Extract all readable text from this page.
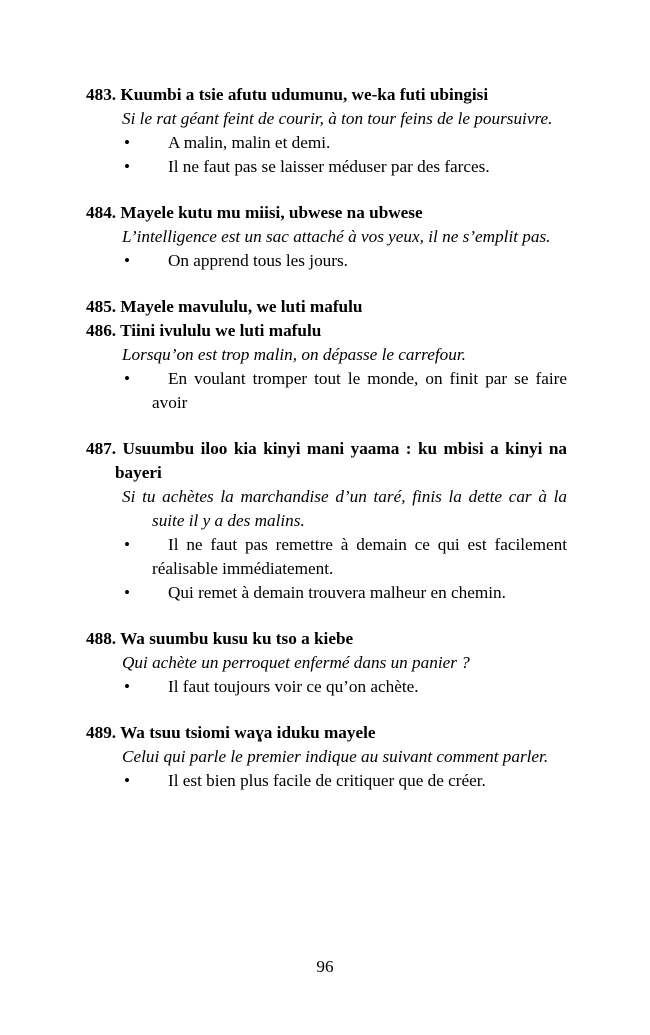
483. Kuumbi a tsie afutu udumunu, we-ka futi ubingisi
Si le rat géant feint de courir, à ton tour feins de le poursuivre.
• A malin, malin et demi.
• Il ne faut pas se laisser méduser par des farces.
484. Mayele kutu mu miisi, ubwese na ubwese
L’intelligence est un sac attaché à vos yeux, il ne s’emplit pas.
• On apprend tous les jours.
485. Mayele mavululu, we luti mafulu
486. Tiini ivululu we luti mafulu
Lorsqu’on est trop malin, on dépasse le carrefour.
• En voulant tromper tout le monde, on finit par se faire avoir
487. Usuumbu iloo kia kinyi mani yaama : ku mbisi a kinyi na bayeri
Si tu achètes la marchandise d’un taré, finis la dette car à la suite il y a des malins.
• Il ne faut pas remettre à demain ce qui est facilement réalisable immédiatement.
• Qui remet à demain trouvera malheur en chemin.
488. Wa suumbu kusu ku tso a kiebe
Qui achète un perroquet enfermé dans un panier ?
• Il faut toujours voir ce qu’on achète.
489. Wa tsuu tsiomi waɣa iduku mayele
Celui qui parle le premier indique au suivant comment parler.
• Il est bien plus facile de critiquer que de créer.
96
